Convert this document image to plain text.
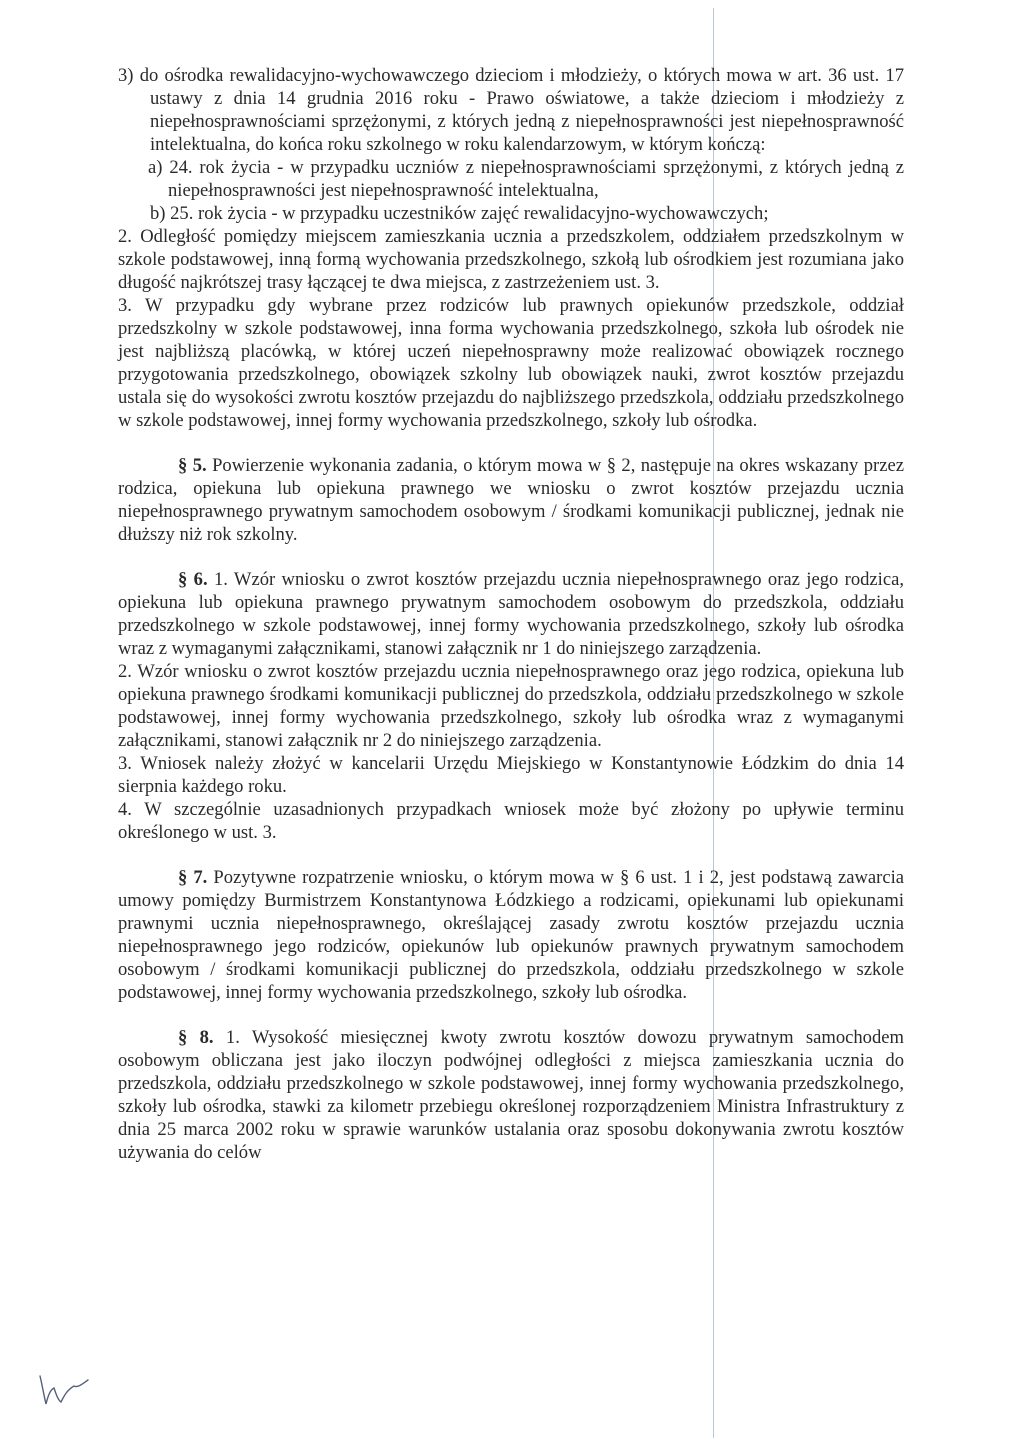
3) do ośrodka rewalidacyjno-wychowawczego dzieciom i młodzieży, o których mowa w art. 36 ust. 17 ustawy z dnia 14 grudnia 2016 roku - Prawo oświatowe, a także dzieciom i młodzieży z niepełnosprawnościami sprzężonymi, z których jedną z niepełnosprawności jest niepełnosprawność intelektualna, do końca roku szkolnego w roku kalendarzowym, w którym kończą:

a) 24. rok życia - w przypadku uczniów z niepełnosprawnościami sprzężonymi, z których jedną z niepełnosprawności jest niepełnosprawność intelektualna,

b) 25. rok życia - w przypadku uczestników zajęć rewalidacyjno-wychowawczych;

2. Odległość pomiędzy miejscem zamieszkania ucznia a przedszkolem, oddziałem przedszkolnym w szkole podstawowej, inną formą wychowania przedszkolnego, szkołą lub ośrodkiem jest rozumiana jako długość najkrótszej trasy łączącej te dwa miejsca, z zastrzeżeniem ust. 3.

3. W przypadku gdy wybrane przez rodziców lub prawnych opiekunów przedszkole, oddział przedszkolny w szkole podstawowej, inna forma wychowania przedszkolnego, szkoła lub ośrodek nie jest najbliższą placówką, w której uczeń niepełnosprawny może realizować obowiązek rocznego przygotowania przedszkolnego, obowiązek szkolny lub obowiązek nauki, zwrot kosztów przejazdu ustala się do wysokości zwrotu kosztów przejazdu do najbliższego przedszkola, oddziału przedszkolnego w szkole podstawowej, innej formy wychowania przedszkolnego, szkoły lub ośrodka.

§ 5. Powierzenie wykonania zadania, o którym mowa w § 2, następuje na okres wskazany przez rodzica, opiekuna lub opiekuna prawnego we wniosku o zwrot kosztów przejazdu ucznia niepełnosprawnego prywatnym samochodem osobowym / środkami komunikacji publicznej, jednak nie dłuższy niż rok szkolny.

§ 6. 1. Wzór wniosku o zwrot kosztów przejazdu ucznia niepełnosprawnego oraz jego rodzica, opiekuna lub opiekuna prawnego prywatnym samochodem osobowym do przedszkola, oddziału przedszkolnego w szkole podstawowej, innej formy wychowania przedszkolnego, szkoły lub ośrodka wraz z wymaganymi załącznikami, stanowi załącznik nr 1 do niniejszego zarządzenia.

2. Wzór wniosku o zwrot kosztów przejazdu ucznia niepełnosprawnego oraz jego rodzica, opiekuna lub opiekuna prawnego środkami komunikacji publicznej do przedszkola, oddziału przedszkolnego w szkole podstawowej, innej formy wychowania przedszkolnego, szkoły lub ośrodka wraz z wymaganymi załącznikami, stanowi załącznik nr 2 do niniejszego zarządzenia.

3. Wniosek należy złożyć w kancelarii Urzędu Miejskiego w Konstantynowie Łódzkim do dnia 14 sierpnia każdego roku.

4. W szczególnie uzasadnionych przypadkach wniosek może być złożony po upływie terminu określonego w ust. 3.

§ 7. Pozytywne rozpatrzenie wniosku, o którym mowa w § 6 ust. 1 i 2, jest podstawą zawarcia umowy pomiędzy Burmistrzem Konstantynowa Łódzkiego a rodzicami, opiekunami lub opiekunami prawnymi ucznia niepełnosprawnego, określającej zasady zwrotu kosztów przejazdu ucznia niepełnosprawnego jego rodziców, opiekunów lub opiekunów prawnych prywatnym samochodem osobowym / środkami komunikacji publicznej do przedszkola, oddziału przedszkolnego w szkole podstawowej, innej formy wychowania przedszkolnego, szkoły lub ośrodka.

§ 8. 1. Wysokość miesięcznej kwoty zwrotu kosztów dowozu prywatnym samochodem osobowym obliczana jest jako iloczyn podwójnej odległości z miejsca zamieszkania ucznia do przedszkola, oddziału przedszkolnego w szkole podstawowej, innej formy wychowania przedszkolnego, szkoły lub ośrodka, stawki za kilometr przebiegu określonej rozporządzeniem Ministra Infrastruktury z dnia 25 marca 2002 roku w sprawie warunków ustalania oraz sposobu dokonywania zwrotu kosztów używania do celów
